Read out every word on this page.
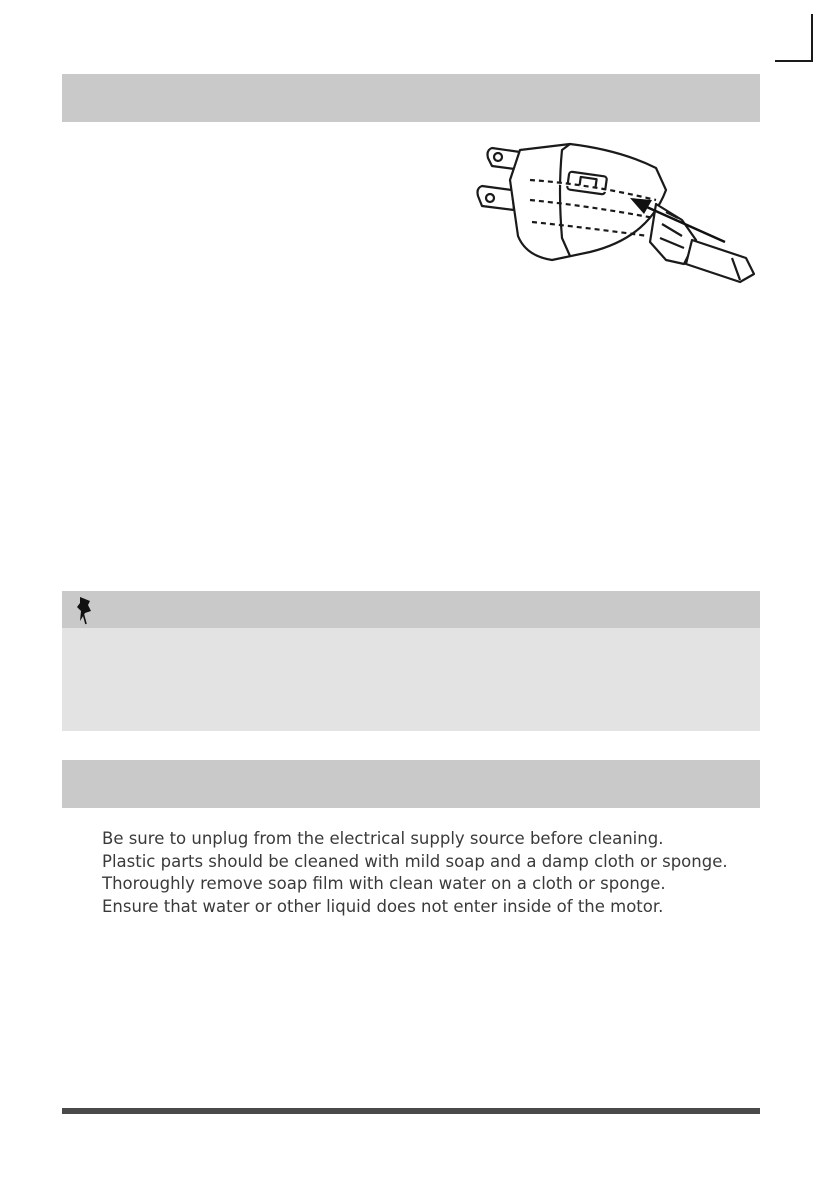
Be sure to unplug from the electrical supply source before cleaning.
Plastic parts should be cleaned with mild soap and a damp cloth or sponge. Thoroughly remove soap film with clean water on a cloth or sponge.
Ensure that water or other liquid does not enter inside of the motor.
